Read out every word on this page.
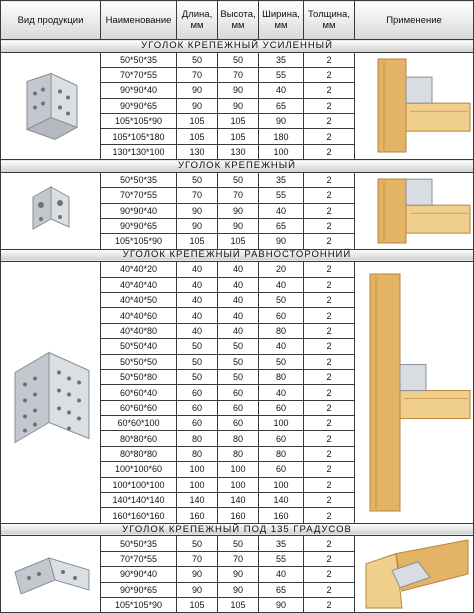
Вид продукции	Наименование	Длина, мм	Высота, мм	Ширина, мм	Толщина, мм	Применение
УГОЛОК КРЕПЕЖНЫЙ УСИЛЕННЫЙ						

	50*50*35	50	50	35	2	

	70*70*55	70	70	55	2	
	90*90*40	90	90	40	2	
	90*90*65	90	90	65	2	
	105*105*90	105	105	90	2	
	105*105*180	105	105	180	2	
	130*130*100	130	130	100	2	
УГОЛОК КРЕПЕЖНЫЙ						

	50*50*35	50	50	35	2	

	70*70*55	70	70	55	2	
	90*90*40	90	90	40	2	
	90*90*65	90	90	65	2	
	105*105*90	105	105	90	2	
УГОЛОК КРЕПЕЖНЫЙ РАВНОСТОРОННИЙ						

	40*40*20	40	40	20	2	

	40*40*40	40	40	40	2	
	40*40*50	40	40	50	2	
	40*40*60	40	40	60	2	
	40*40*80	40	40	80	2	
	50*50*40	50	50	40	2	
	50*50*50	50	50	50	2	
	50*50*80	50	50	80	2	
	60*60*40	60	60	40	2	
	60*60*60	60	60	60	2	
	60*60*100	60	60	100	2	
	80*80*60	80	80	60	2	
	80*80*80	80	80	80	2	
	100*100*60	100	100	60	2	
	100*100*100	100	100	100	2	
	140*140*140	140	140	140	2	
	160*160*160	160	160	160	2	
УГОЛОК КРЕПЕЖНЫЙ ПОД 135 ГРАДУСОВ						

	50*50*35	50	50	35	2	

	70*70*55	70	70	55	2	
	90*90*40	90	90	40	2	
	90*90*65	90	90	65	2	
	105*105*90	105	105	90	2	
